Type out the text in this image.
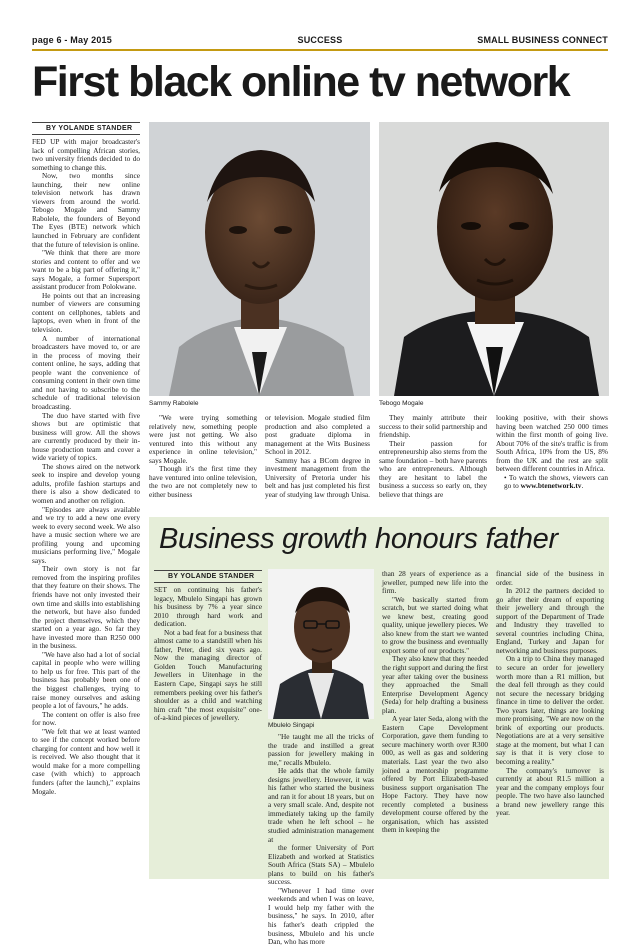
page 6 - May 2015	SUCCESS	SMALL BUSINESS CONNECT
First black online tv network
BY YOLANDE STANDER

FED UP with major broadcaster's lack of compelling African stories, two university friends decided to do something to change this.

Now, two months since launching, their new online television network has drawn viewers from around the world. Tebogo Mogale and Sammy Rabolele, the founders of Beyond The Eyes (BTE) network which launched in February are confident that the future of television is online.

"We think that there are more stories and content to offer and we want to be a big part of offering it," says Mogale, a former Supersport assistant producer from Polokwane.

He points out that an increasing number of viewers are consuming content on cellphones, tablets and laptops, even when in front of the television.

A number of international broadcasters have moved to, or are in the process of moving their content online, he says, adding that people want the convenience of consuming content in their own time and not having to subscribe to the schedule of traditional television broadcasting.

The duo have started with five shows but are optimistic that business will grow. All the shows are currently produced by their in-house production team and cover a wide variety of topics.

The shows aired on the network seek to inspire and develop young adults, profile fashion startups and there is also a show dedicated to women and another on religion.

"Episodes are always available and we try to add a new one every week to every second week. We also have a music section where we are profiling young and upcoming musicians performing live," Mogale says.

Their own story is not far removed from the inspiring profiles that they feature on their shows. The friends have not only invested their own time and skills into establishing the network, but have also funded the project themselves, which they started on a year ago. So far they have invested more than R250 000 in the business.

"We have also had a lot of social capital in people who were willing to help us for free. This part of the business has probably been one of the biggest challenges, trying to raise money ourselves and asking people a lot of favours," he adds.

The content on offer is also free for now.

"We felt that we at least wanted to see if the concept worked before charging for content and how well it is received. We also thought that it would make for a more compelling case (with which) to approach funders (after the launch)," explains Mogale.

Sammy Rabolele	Tebogo Mogale

"We were trying something relatively new, something people were just not getting. We also ventured into this without any experience in online television," says Mogale.

Though it's the first time they have ventured into online television, the two are not completely new to either business

or television. Mogale studied film production and also completed a post graduate diploma in management at the Wits Business School in 2012.

Sammy has a BCom degree in investment management from the University of Pretoria under his belt and has just completed his first year of studying law through Unisa.

They mainly attribute their success to their solid partnership and friendship.

Their passion for entrepreneurship also stems from the same foundation – both have parents who are entrepreneurs. Although they are hesitant to label the business a success so early on, they believe that things are

looking positive, with their shows having been watched 250 000 times within the first month of going live. About 70% of the site's traffic is from South Africa, 10% from the US, 8% from the UK and the rest are split between different countries in Africa.

• To watch the shows, viewers can go to www.btenetwork.tv.

Business growth honours father
BY YOLANDE STANDER

SET on continuing his father's legacy, Mbulelo Singapi has grown his business by 7% a year since 2010 through hard work and dedication.

Not a bad feat for a business that almost came to a standstill when his father, Peter, died six years ago. Now the managing director of Golden Touch Manufacturing Jewellers in Uitenhage in the Eastern Cape, Singapi says he still remembers peeking over his father's shoulder as a child and watching him craft "the most exquisite" one-of-a-kind pieces of jewellery.

Mbulelo Singapi

"He taught me all the tricks of the trade and instilled a great passion for jewellery making in me," recalls Mbulelo.

He adds that the whole family designs jewellery. However, it was his father who started the business and ran it for about 18 years, but on a very small scale. And, despite not immediately taking up the family trade when he left school – he studied administration management at

the former University of Port Elizabeth and worked at Statistics South Africa (Stats SA) – Mbulelo plans to build on his father's success.

"Whenever I had time over weekends and when I was on leave, I would help my father with the business," he says. In 2010, after his father's death crippled the business, Mbulelo and his uncle Dan, who has more

than 28 years of experience as a jeweller, pumped new life into the firm.

"We basically started from scratch, but we started doing what we knew best, creating good quality, unique jewellery pieces. We also knew from the start we wanted to grow the business and eventually export some of our products."

They also knew that they needed the right support and during the first year after taking over the business they approached the Small Enterprise Development Agency (Seda) for help drafting a business plan.

A year later Seda, along with the Eastern Cape Development Corporation, gave them funding to secure machinery worth over R300 000, as well as gas and soldering materials. Last year the two also joined a mentorship programme offered by Port Elizabeth-based business support organisation The Hope Factory. They have now recently completed a business development course offered by the organisation, which has assisted them in keeping the

financial side of the business in order.

In 2012 the partners decided to go after their dream of exporting their jewellery and through the support of the Department of Trade and Industry they travelled to several countries including China, England, Turkey and Japan for networking and business purposes.

On a trip to China they managed to secure an order for jewellery worth more than a R1 million, but the deal fell through as they could not secure the necessary bridging finance in time to deliver the order. Two years later, things are looking more promising. "We are now on the brink of exporting our products. Negotiations are at a very sensitive stage at the moment, but what I can say is that it is very close to becoming a reality."

The company's turnover is currently at about R1.5 million a year and the company employs four people. The two have also launched a brand new jewellery range this year.
